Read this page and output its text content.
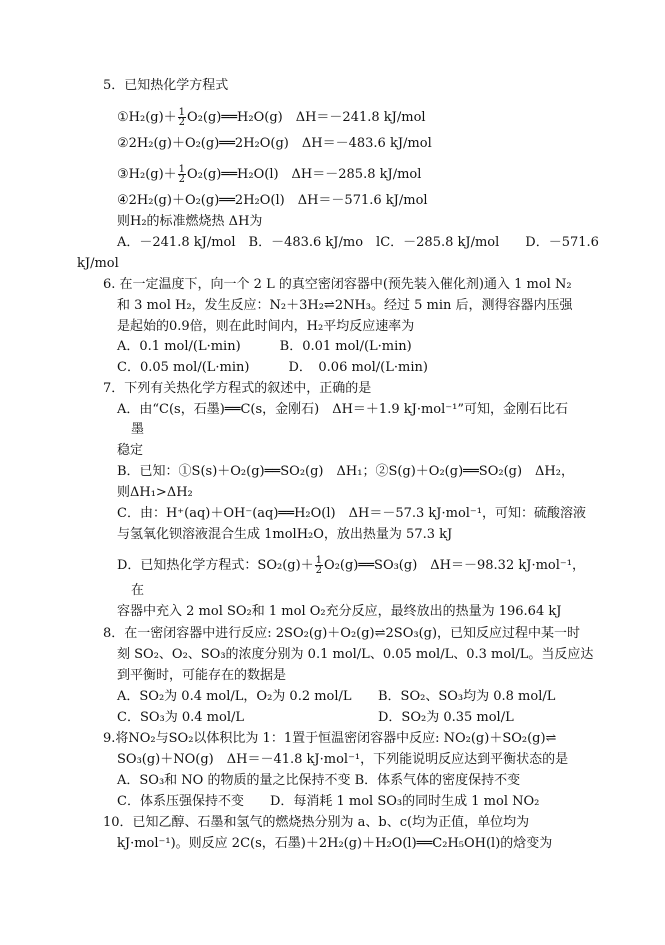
5．已知热化学方程式
①H₂(g)＋ $\frac{1}{2}$ O₂(g)══H₂O(g)　ΔH＝－241.8 kJ/mol
②2H₂(g)＋O₂(g)══2H₂O(g)　ΔH＝－483.6 kJ/mol
③H₂(g)＋ $\frac{1}{2}$ O₂(g)══H₂O(l)　ΔH＝－285.8 kJ/mol
④2H₂(g)＋O₂(g)══2H₂O(l)　ΔH＝－571.6 kJ/mol
则H₂的标准燃烧热 ΔH为
A．－241.8 kJ/mol　B．－483.6 kJ/mo　lC．－285.8 kJ/mol　　D．－571.6
kJ/mol
6. 在一定温度下，向一个 2 L 的真空密闭容器中(预先装入催化剂)通入 1 mol N₂
和 3 mol H₂，发生反应：N₂＋3H₂⇌2NH₃。经过 5 min 后，测得容器内压强
是起始的0.9倍，则在此时间内，H₂平均反应速率为
A．0.1 mol/(L·min)　　　B．0.01 mol/(L·min)
C．0.05 mol/(L·min)　　　D．　0.06 mol/(L·min)
7．下列有关热化学方程式的叙述中，正确的是
A．由“C(s，石墨)══C(s，金刚石)　ΔH＝＋1.9 kJ·mol⁻¹”可知，金刚石比石
墨
稳定
B．已知：①S(s)＋O₂(g)══SO₂(g)　ΔH₁；②S(g)＋O₂(g)══SO₂(g)　ΔH₂，
则ΔH₁>ΔH₂
C．由：H⁺(aq)＋OH⁻(aq)══H₂O(l)　ΔH＝－57.3 kJ·mol⁻¹，可知：硫酸溶液
与氢氧化钡溶液混合生成 1molH₂O，放出热量为 57.3 kJ
D．已知热化学方程式：$SO_2(g)+ \frac{1}{2}$ O₂(g)══SO₃(g)　ΔH＝－98.32 kJ·mol⁻¹，
在
容器中充入 2 mol SO₂和 1 mol O₂充分反应，最终放出的热量为 196.64 kJ
8．在一密闭容器中进行反应: 2SO₂(g)＋O₂(g)⇌2SO₃(g)，已知反应过程中某一时
刻 SO₂、O₂、SO₃的浓度分别为 0.1 mol/L、0.05 mol/L、0.3 mol/L。当反应达
到平衡时，可能存在的数据是
A．SO₂为 0.4 mol/L，O₂为 0.2 mol/L B．SO₂、SO₃均为 0.8 mol/L
C．SO₃为 0.4 mol/L	D．SO₂为 0.35 mol/L
9.将NO₂与SO₂以体积比为 1：1置于恒温密闭容器中反应: NO₂(g)＋SO₂(g)⇌
SO₃(g)＋NO(g)　ΔH＝－41.8 kJ·mol⁻¹，下列能说明反应达到平衡状态的是
A．SO₃和 NO 的物质的量之比保持不变 B．体系气体的密度保持不变
C．体系压强保持不变　　D．每消耗 1 mol SO₃的同时生成 1 mol NO₂
10．已知乙醇、石墨和氢气的燃烧热分别为 a、b、c(均为正值，单位均为
kJ·mol⁻¹)。则反应 2C(s，石墨)＋2H₂(g)＋H₂O(l)══C₂H₅OH(l)的焓变为
